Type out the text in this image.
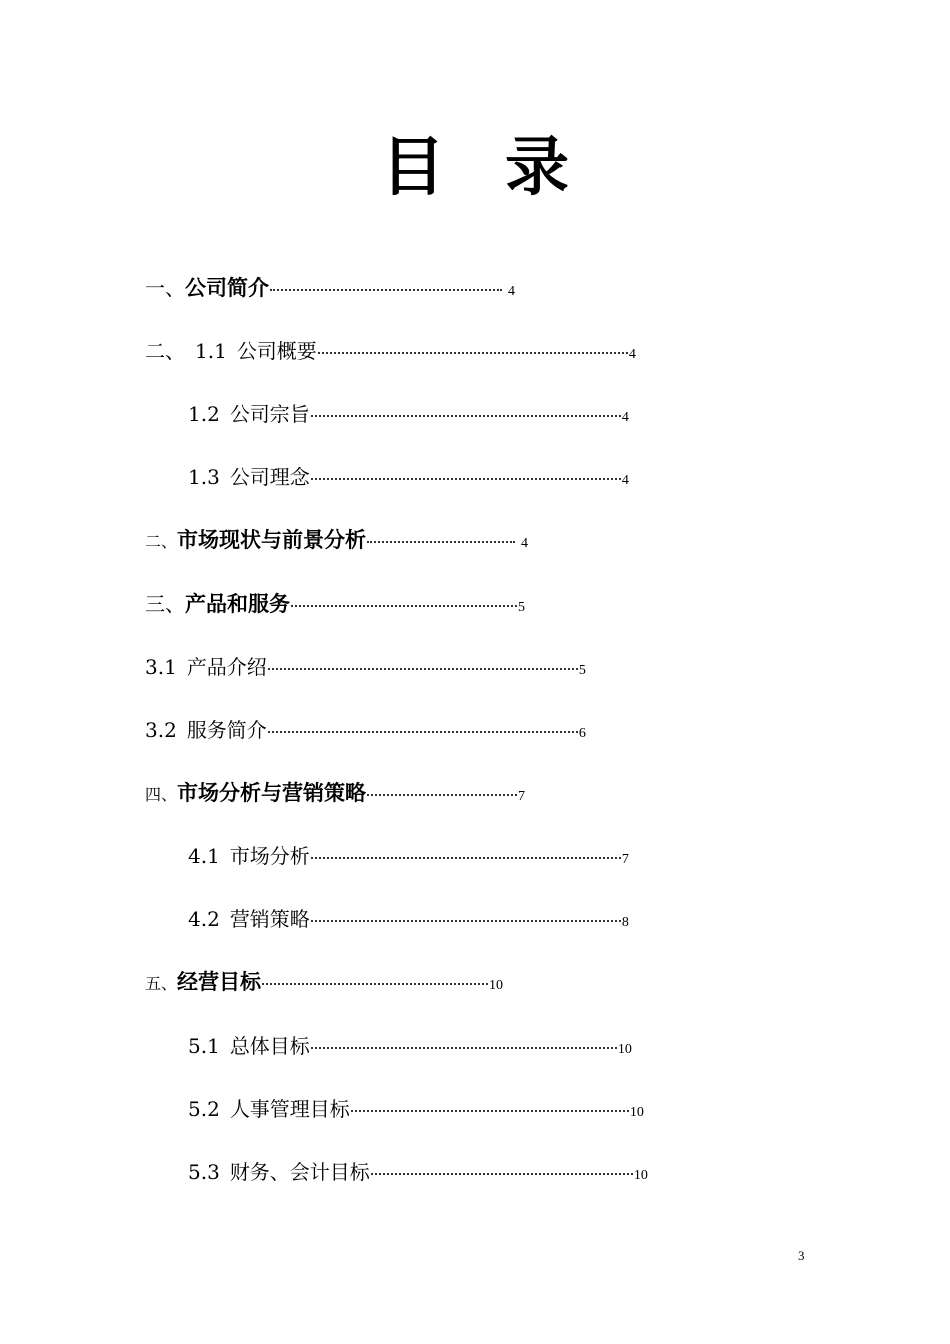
目 录
一、 公司简介	4
二、 1.1 公司概要	4
1.2 公司宗旨	4
1.3 公司理念	4
二、 市场现状与前景分析	4
三、 产品和服务	5
3.1 产品介绍	5
3.2 服务简介	6
四、 市场分析与营销策略	7
4.1 市场分析	7
4.2 营销策略	8
五、 经营目标	10
5.1 总体目标	10
5.2 人事管理目标	10
5.3 财务、会计目标	10
3
